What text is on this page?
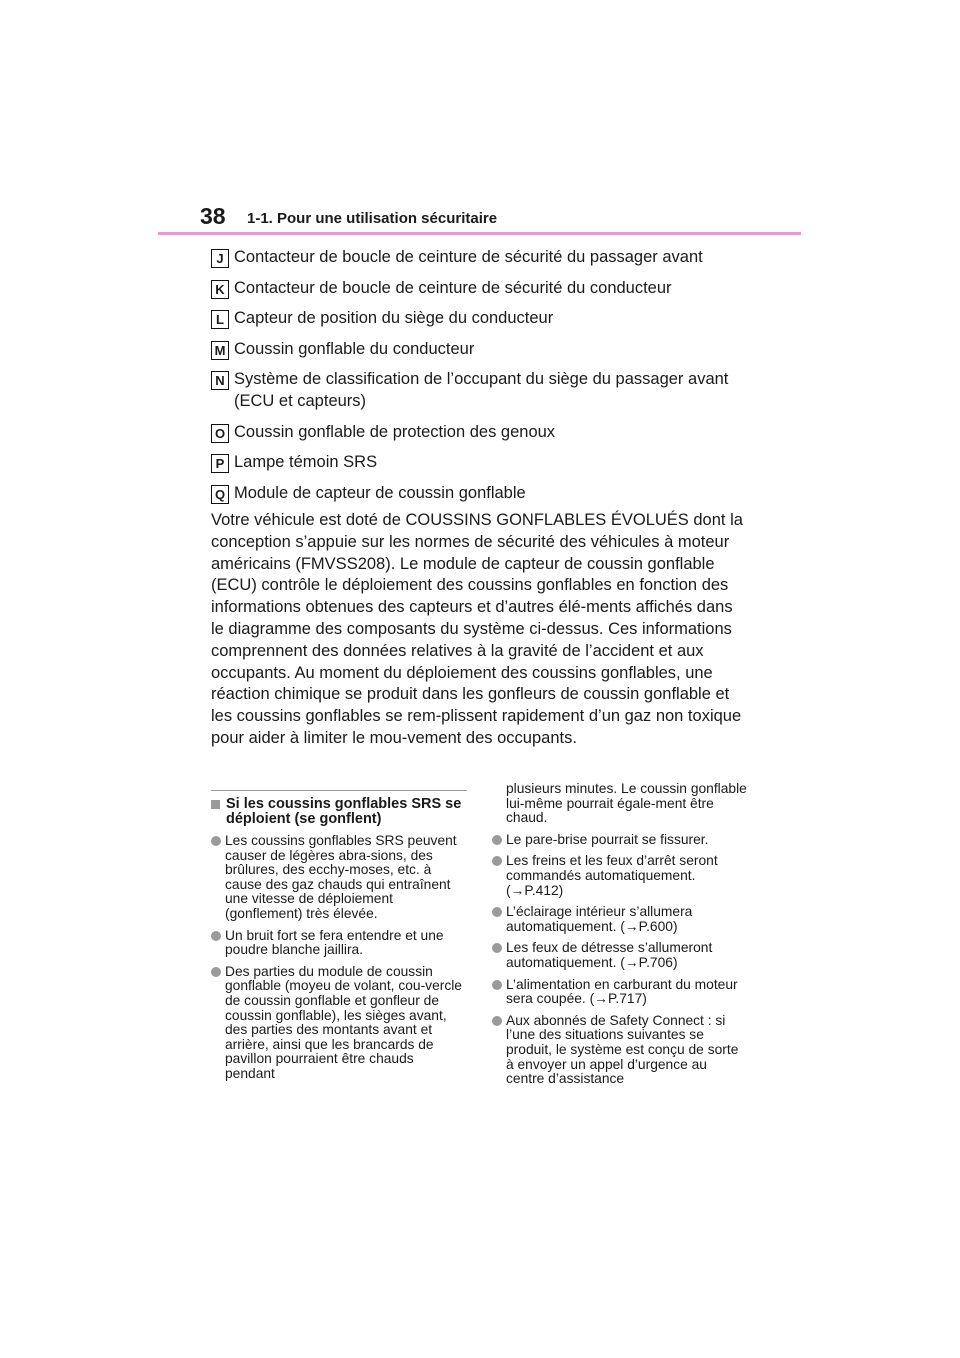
38 1-1. Pour une utilisation sécuritaire
J Contacteur de boucle de ceinture de sécurité du passager avant
K Contacteur de boucle de ceinture de sécurité du conducteur
L Capteur de position du siège du conducteur
M Coussin gonflable du conducteur
N Système de classification de l’occupant du siège du passager avant (ECU et capteurs)
O Coussin gonflable de protection des genoux
P Lampe témoin SRS
Q Module de capteur de coussin gonflable

Votre véhicule est doté de COUSSINS GONFLABLES ÉVOLUÉS dont la conception s’appuie sur les normes de sécurité des véhicules à moteur américains (FMVSS208). Le module de capteur de coussin gonflable (ECU) contrôle le déploiement des coussins gonflables en fonction des informations obtenues des capteurs et d’autres élé-ments affichés dans le diagramme des composants du système ci-dessus. Ces informations comprennent des données relatives à la gravité de l’accident et aux occupants. Au moment du déploiement des coussins gonflables, une réaction chimique se produit dans les gonfleurs de coussin gonflable et les coussins gonflables se rem-plissent rapidement d’un gaz non toxique pour aider à limiter le mou-vement des occupants.

Si les coussins gonflables SRS se déploient (se gonflent)
Les coussins gonflables SRS peuvent causer de légères abra-sions, des brûlures, des ecchy-moses, etc. à cause des gaz chauds qui entraînent une vitesse de déploiement (gonflement) très élevée.
Un bruit fort se fera entendre et une poudre blanche jaillira.
Des parties du module de coussin gonflable (moyeu de volant, cou-vercle de coussin gonflable et gonfleur de coussin gonflable), les sièges avant, des parties des montants avant et arrière, ainsi que les brancards de pavillon pourraient être chauds pendant
plusieurs minutes. Le coussin gonflable lui-même pourrait égale-ment être chaud.
Le pare-brise pourrait se fissurer.
Les freins et les feux d’arrêt seront commandés automatiquement. (→P.412)
L’éclairage intérieur s’allumera automatiquement. (→P.600)
Les feux de détresse s’allumeront automatiquement. (→P.706)
L’alimentation en carburant du moteur sera coupée. (→P.717)
Aux abonnés de Safety Connect : si l’une des situations suivantes se produit, le système est conçu de sorte à envoyer un appel d’urgence au centre d’assistance
